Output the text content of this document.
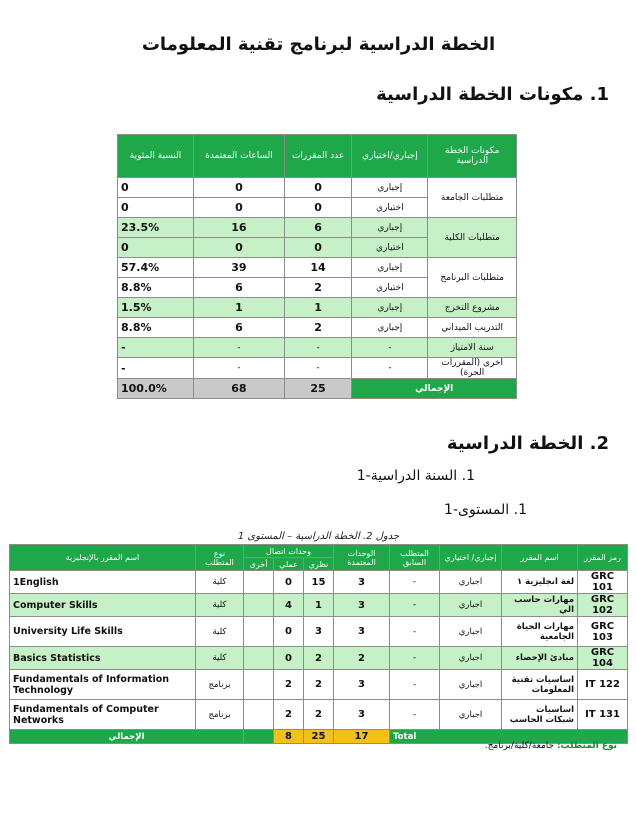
الخطة الدراسية لبرنامج تقنية المعلومات
1. مكونات الخطة الدراسية
مكونات الخطة الدراسية	إجباري/اختياري	عدد المقررات	الساعات المعتمدة	النسبة المئوية
متطلبات الجامعة	إجباري	0	0	0
	اختياري	0	0	0
متطلبات الكلية	إجباري	6	16	23.5%
	اختياري	0	0	0
متطلبات البرنامج	إجباري	14	39	57.4%
	اختياري	2	6	8.8%
مشروع التخرج	إجباري	1	1	1.5%
التدريب الميداني	إجباري	2	6	8.8%
سنة الامتياز	-	-	-	-
أخرى (المقررات الحرة)	-	-	-	-
الإجمالي		25	68	100.0%
2. الخطة الدراسية
1. السنة الدراسية-1
1. المستوى-1
جدول 2. الخطة الدراسية – المستوى 1
رمز المقرر	اسم المقرر	إجباري/ اختياري	المتطلب السابق	الوحدات المعتمدة	وحدات اتصال			نوع المتطلب	اسم المقرر بالإنجليزية
					نظري	عملي	أخرى		
GRC 101	لغة انجليزية ١	اجباري	-	3	15	0		كلية	1English
GRC 102	مهارات حاسب الي	اجباري	-	3	1	4		كلية	Computer Skills
GRC 103	مهارات الحياة الجامعية	اجباري	-	3	3	0		كلية	University Life Skills
GRC 104	مبادئ الإحصاء	اجباري	-	2	2	0		كلية	Basics Statistics
IT 122	اساسيات تقنية المعلومات	اجباري	-	3	2	2		برنامج	Fundamentals of Information Technology
IT 131	اساسيات شبكات الحاسب	اجباري	-	3	2	2		برنامج	Fundamentals of Computer Networks
Total				17	25	8		الإجمالي	
نوع المتطلب: جامعة/كلية/برنامج.
